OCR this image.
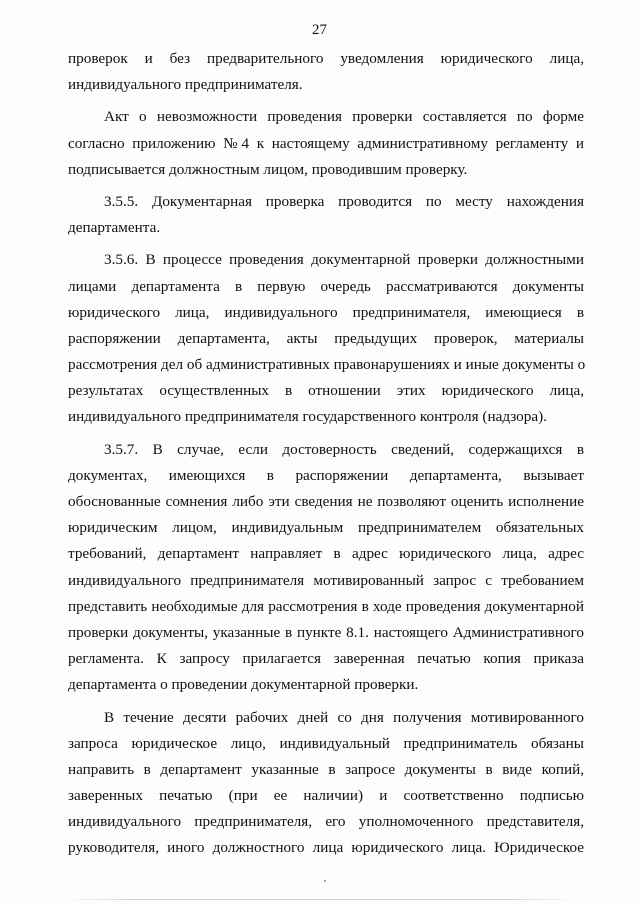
27
проверок и без предварительного уведомления юридического лица,
индивидуального предпринимателя.
Акт о невозможности проведения проверки составляется по форме
согласно приложению №4 к настоящему административному регламенту и
подписывается должностным лицом, проводившим проверку.
3.5.5. Документарная проверка проводится по месту нахождения
департамента.
3.5.6. В процессе проведения документарной проверки должностными
лицами департамента в первую очередь рассматриваются документы
юридического лица, индивидуального предпринимателя, имеющиеся в
распоряжении департамента, акты предыдущих проверок, материалы
рассмотрения дел об административных правонарушениях и иные документы о
результатах осуществленных в отношении этих юридического лица,
индивидуального предпринимателя государственного контроля (надзора).
3.5.7. В случае, если достоверность сведений, содержащихся в
документах, имеющихся в распоряжении департамента, вызывает
обоснованные сомнения либо эти сведения не позволяют оценить исполнение
юридическим лицом, индивидуальным предпринимателем обязательных
требований, департамент направляет в адрес юридического лица, адрес
индивидуального предпринимателя мотивированный запрос с требованием
представить необходимые для рассмотрения в ходе проведения документарной
проверки документы, указанные в пункте 8.1. настоящего Административного
регламента. К запросу прилагается заверенная печатью копия приказа
департамента о проведении документарной проверки.
В течение десяти рабочих дней со дня получения мотивированного
запроса юридическое лицо, индивидуальный предприниматель обязаны
направить в департамент указанные в запросе документы в виде копий,
заверенных печатью (при ее наличии) и соответственно подписью
индивидуального предпринимателя, его уполномоченного представителя,
руководителя, иного должностного лица юридического лица. Юридическое
